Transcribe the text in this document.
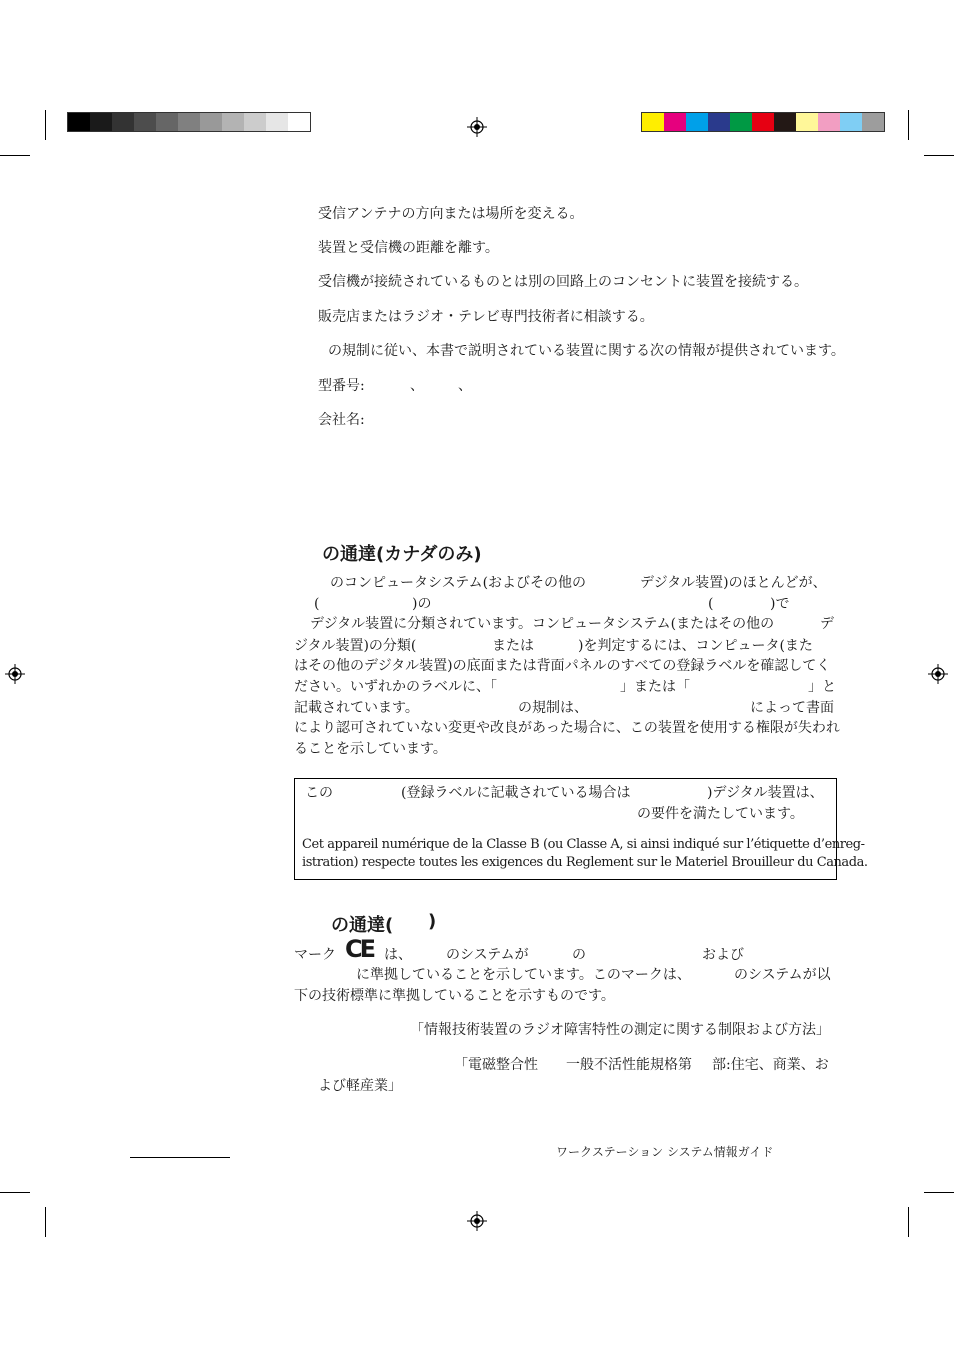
受信アンテナの方向または場所を変える。
装置と受信機の距離を離す。
受信機が接続されているものとは別の回路上のコンセントに装置を接続する。
販売店またはラジオ・テレビ専門技術者に相談する。
の規制に従い、本書で説明されている装置に関する次の情報が提供されています。
型番号:	、 、
会社名:
の通達(カナダのみ)
のコンピュータシステム(およびその他の	デジタル装置)のほとんどが、
(	)の	(	)で
デジタル装置に分類されています。コンピュータシステム(またはその他の	デ
ジタル装置)の分類(	または	)を判定するには、コンピュータ(また
はその他のデジタル装置)の底面または背面パネルのすべての登録ラベルを確認してく
ださい。いずれかのラベルに、「	」または「	」と
記載されています。	の規制は、	によって書面
により認可されていない変更や改良があった場合に、この装置を使用する権限が失われ
ることを示しています。
この	(登録ラベルに記載されている場合は	)デジタル装置は、
の要件を満たしています。
Cet appareil numérique de la Classe B (ou Classe A, si ainsi indiqué sur l’étiquette d’enreg-
istration) respecte toutes les exigences du Reglement sur le Materiel Brouilleur du Canada.
の通達( )
マーク CE は、 のシステムが	の	および
に準拠していることを示しています。このマークは、	のシステムが以
下の技術標準に準拠していることを示すものです。
「情報技術装置のラジオ障害特性の測定に関する制限および方法」
「電磁整合性 一般不活性能規格第 部:住宅、商業、お
よび軽産業」
ワークステーション システム情報ガイド
